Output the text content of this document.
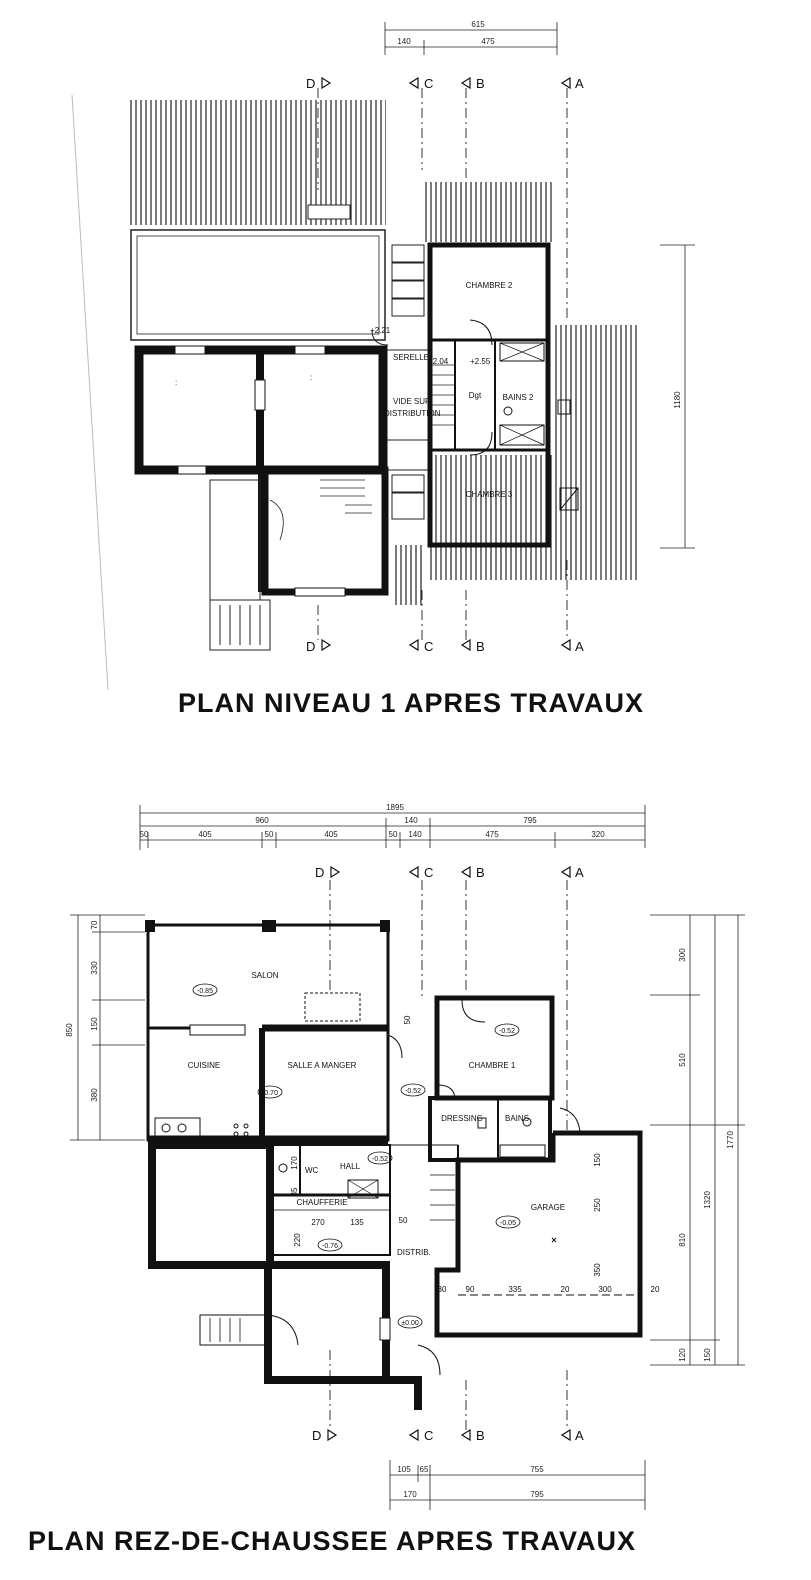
615
140	475
:
:
+2.21
SERELLE
VIDE SUR
DISTRIBUTION
CHAMBRE 2
CHAMBRE 3
BAINS 2
Dgt
+2.04	+2.55
1180
D	C	B	A
D	C	B	A
1895
960	140	795
50	405	50	405	50 140	475	320
850
70
330
150
380
300
510
1770
810
1320
150
120
SALON
-0.85
CUISINE	SALLE A MANGER
-0.70	-0.52
±0.00
WC	HALL
-0.52
CHAUFFERIE
270	135	50
-0.76
220
85
170
DISTRIB.
50
-0.52
CHAMBRE 1
DRESSING	BAINS
GARAGE
-0.05
150
250
350
90
30	335	20	300	20
105 65	755
170	795
D	C	B	A
D	C	B	A
PLAN NIVEAU 1 APRES TRAVAUX
PLAN REZ-DE-CHAUSSEE APRES TRAVAUX
